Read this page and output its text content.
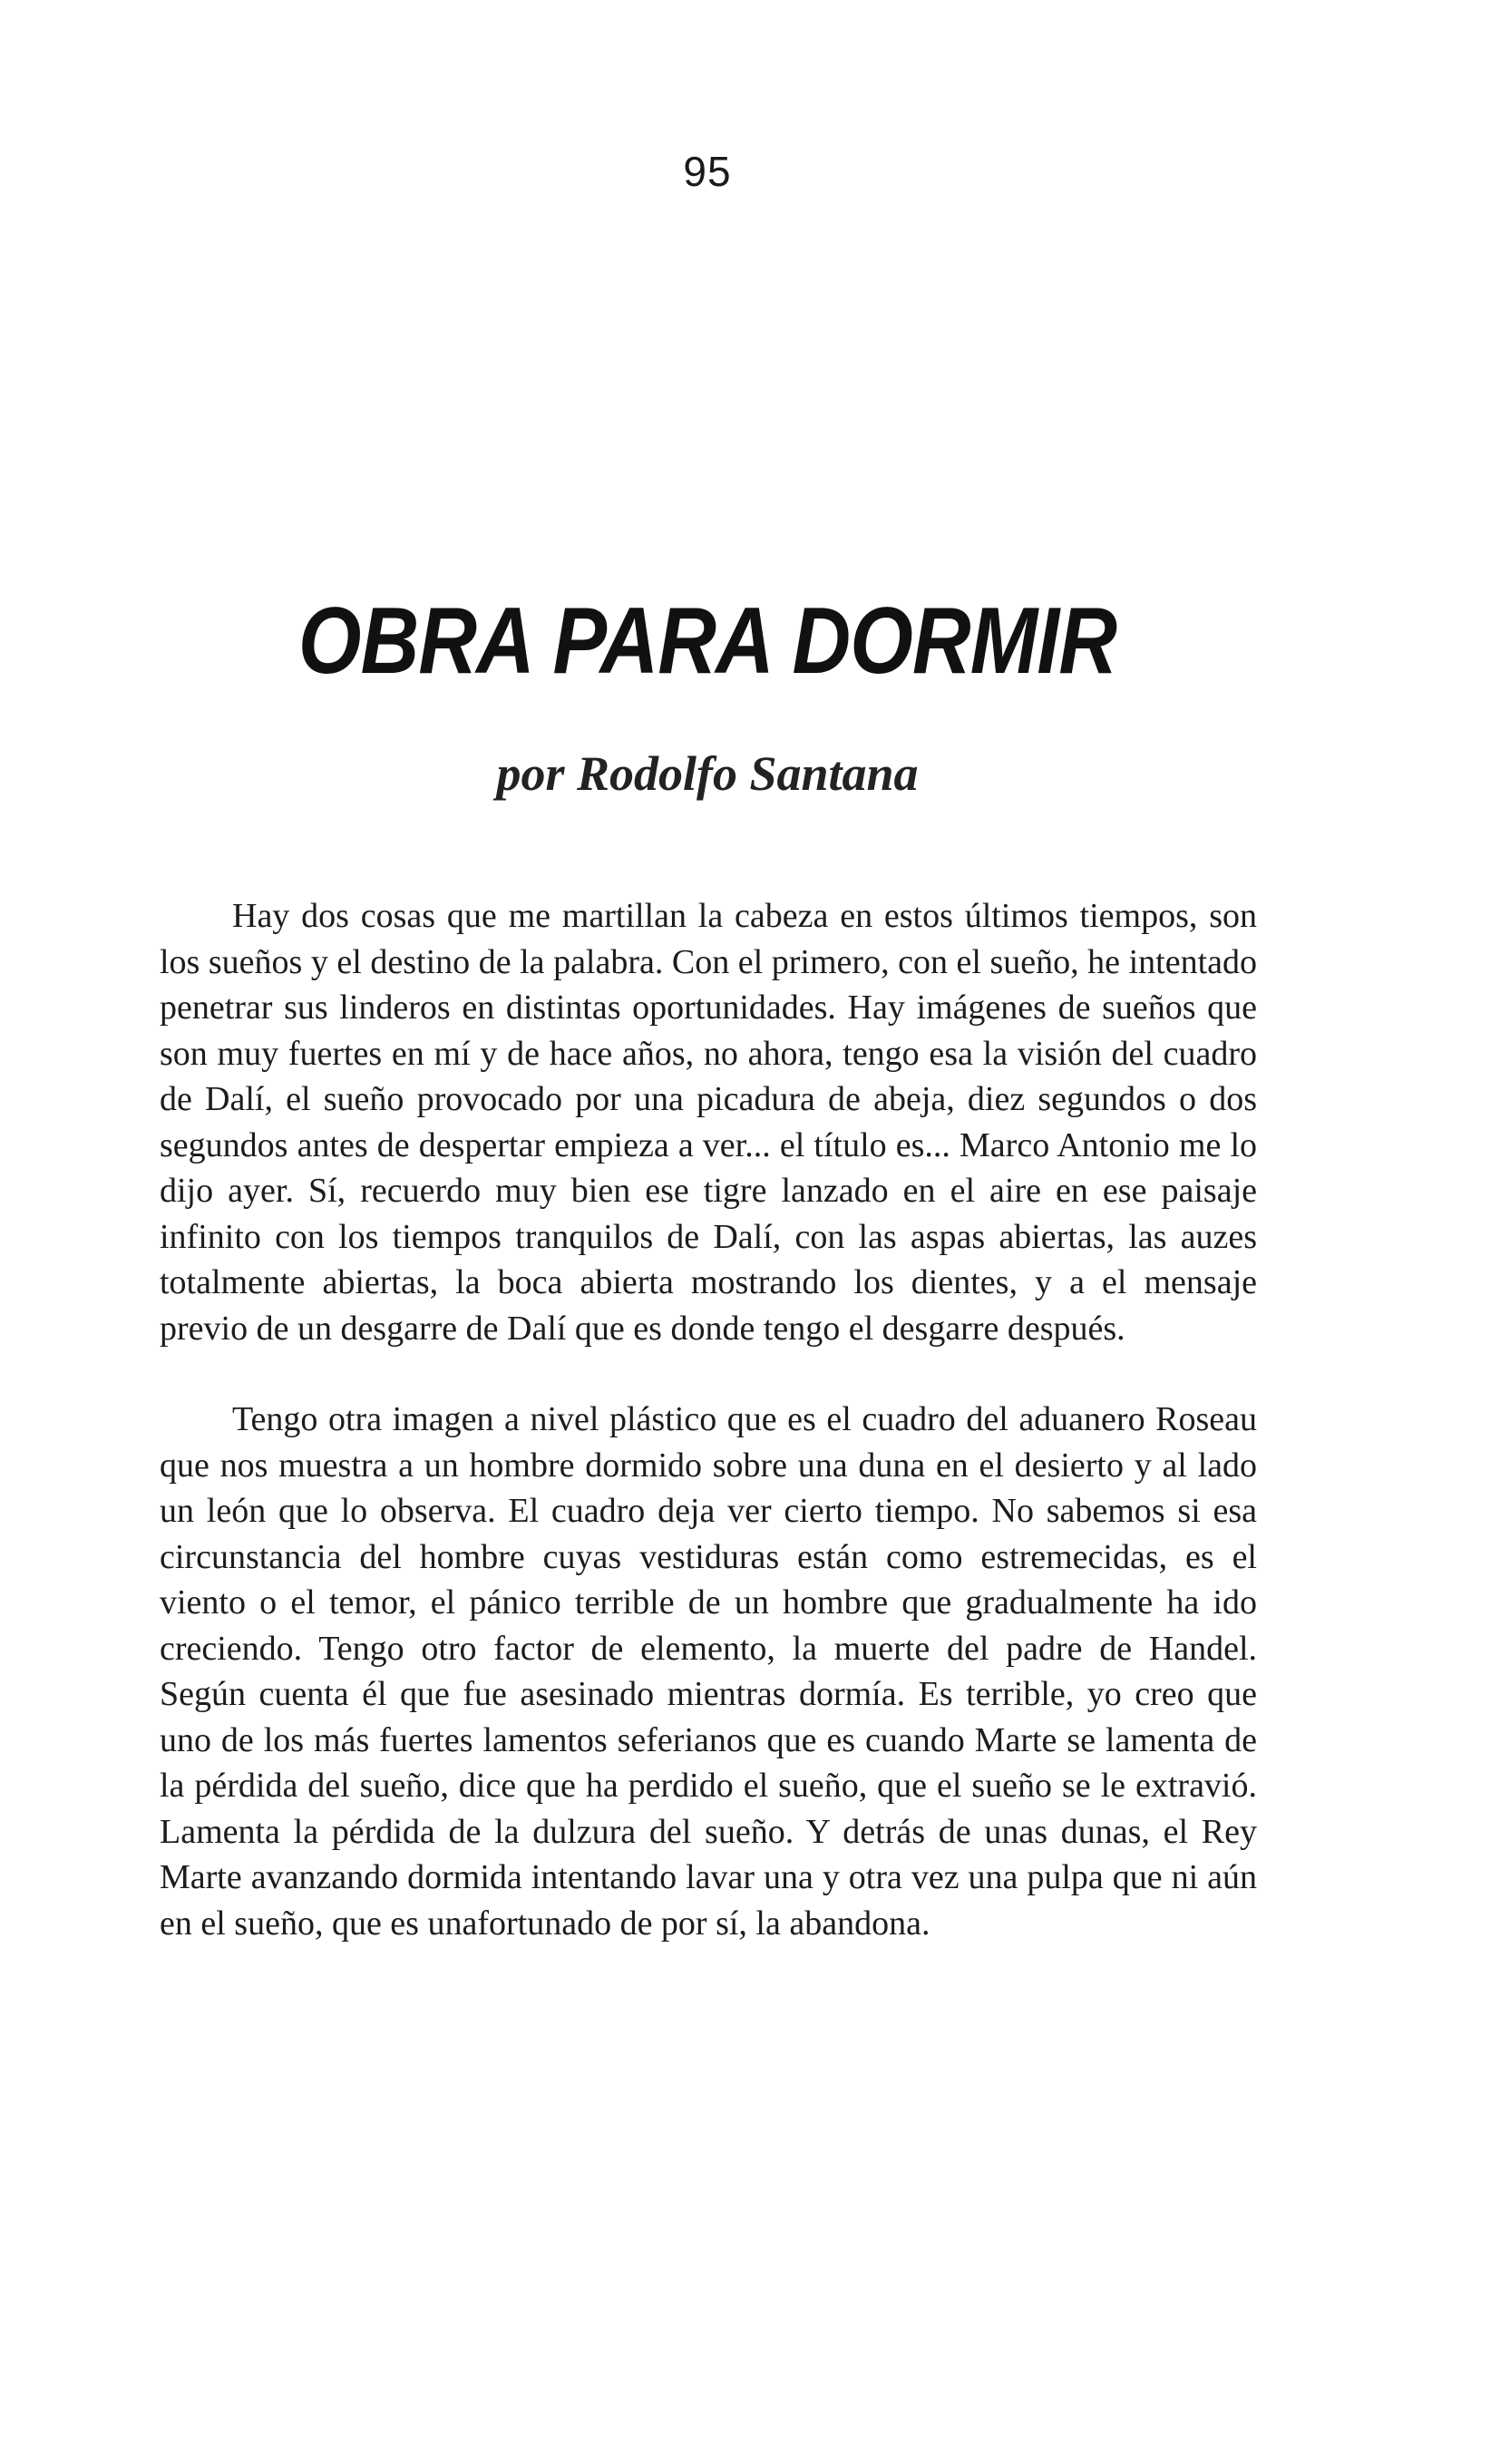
95
OBRA PARA DORMIR
por Rodolfo Santana

Hay dos cosas que me martillan la cabeza en estos últimos tiempos, son los sueños y el destino de la palabra. Con el primero, con el sueño, he intentado penetrar sus linderos en distintas oportunidades. Hay imágenes de sueños que son muy fuertes en mí y de hace años, no ahora, tengo esa la visión del cuadro de Dalí, el sueño provocado por una picadura de abeja, diez segundos o dos segundos antes de despertar empieza a ver... el título es... Marco Antonio me lo dijo ayer. Sí, recuerdo muy bien ese tigre lanzado en el aire en ese paisaje infinito con los tiempos tranquilos de Dalí, con las aspas abiertas, las auzes totalmente abiertas, la boca abierta mostrando los dientes, y a el mensaje previo de un desgarre de Dalí que es donde tengo el desgarre después.

Tengo otra imagen a nivel plástico que es el cuadro del aduanero Roseau que nos muestra a un hombre dormido sobre una duna en el desierto y al lado un león que lo observa. El cuadro deja ver cierto tiempo. No sabemos si esa circunstancia del hombre cuyas vestiduras están como estremecidas, es el viento o el temor, el pánico terrible de un hombre que gradualmente ha ido creciendo. Tengo otro factor de elemento, la muerte del padre de Handel. Según cuenta él que fue asesinado mientras dormía. Es terrible, yo creo que uno de los más fuertes lamentos seferianos que es cuando Marte se lamenta de la pérdida del sueño, dice que ha perdido el sueño, que el sueño se le extravió. Lamenta la pérdida de la dulzura del sueño. Y detrás de unas dunas, el Rey Marte avanzando dormida intentando lavar una y otra vez una pulpa que ni aún en el sueño, que es unafortunado de por sí, la abandona.
